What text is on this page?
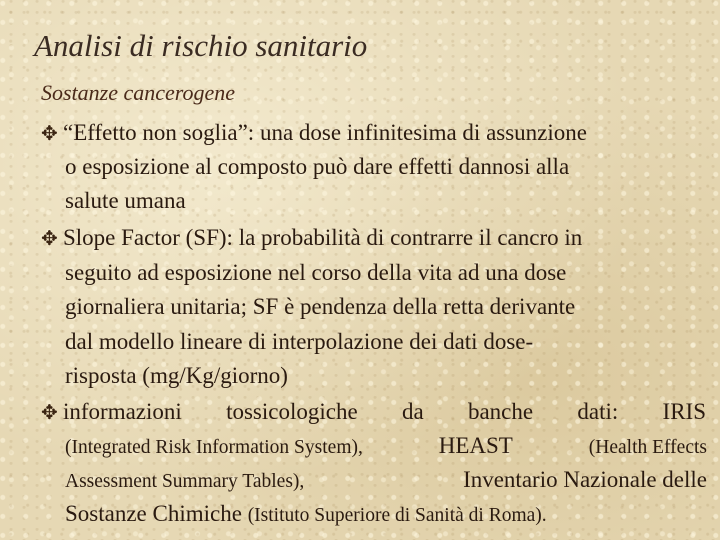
Analisi di rischio sanitario
Sostanze cancerogene
✥ “Effetto non soglia”: una dose infinitesima di assunzione
o esposizione al composto può dare effetti dannosi alla
salute umana
✥ Slope Factor (SF): la probabilità di contrarre il cancro in
seguito ad esposizione nel corso della vita ad una dose
giornaliera unitaria; SF è pendenza della retta derivante
dal modello lineare di interpolazione dei dati dose-
risposta (mg/Kg/giorno)
✥ informazioni tossicologiche da banche dati: IRIS
(Integrated Risk Information System),	HEAST	(Health Effects
Assessment Summary Tables),	Inventario Nazionale delle
Sostanze Chimiche (Istituto Superiore di Sanità di Roma).
